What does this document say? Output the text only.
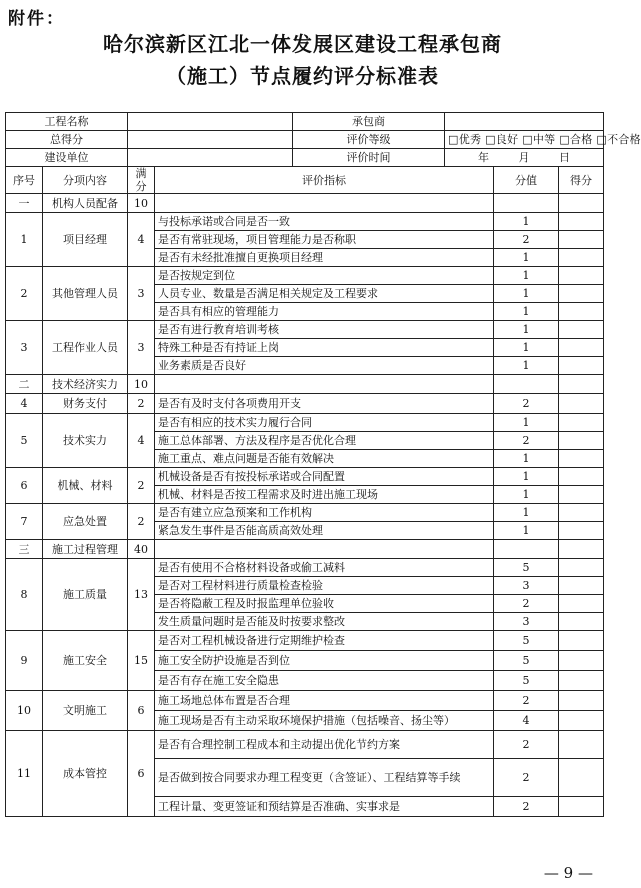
附件：
哈尔滨新区江北一体发展区建设工程承包商
（施工）节点履约评分标准表
工程名称				承包商			
总得分				评价等级	□优秀 □良好 □中等 □合格 □不合格		
建设单位				评价时间	年 月 日		
序号	分项内容	满分	评价指标			分值	得分
一	机构人员配备	10					
1	项目经理	4	与投标承诺或合同是否一致			1	
			是否有常驻现场，项目管理能力是否称职			2	
			是否有未经批准擅自更换项目经理			1	
2	其他管理人员	3	是否按规定到位			1	
			人员专业、数量是否满足相关规定及工程要求			1	
			是否具有相应的管理能力			1	
3	工程作业人员	3	是否有进行教育培训考核			1	
			特殊工种是否有持证上岗			1	
			业务素质是否良好			1	
二	技术经济实力	10					
4	财务支付	2	是否有及时支付各项费用开支			2	
5	技术实力	4	是否有相应的技术实力履行合同			1	
			施工总体部署、方法及程序是否优化合理			2	
			施工重点、难点问题是否能有效解决			1	
6	机械、材料	2	机械设备是否有按投标承诺或合同配置			1	
			机械、材料是否按工程需求及时进出施工现场			1	
7	应急处置	2	是否有建立应急预案和工作机构			1	
			紧急发生事件是否能高质高效处理			1	
三	施工过程管理	40					
8	施工质量	13	是否有使用不合格材料设备或偷工减料			5	
			是否对工程材料进行质量检查检验			3	
			是否将隐蔽工程及时报监理单位验收			2	
			发生质量问题时是否能及时按要求整改			3	
9	施工安全	15	是否对工程机械设备进行定期维护检查			5	
			施工安全防护设施是否到位			5	
			是否有存在施工安全隐患			5	
10	文明施工	6	施工场地总体布置是否合理			2	
			施工现场是否有主动采取环境保护措施（包括噪音、扬尘等）			4	
11	成本管控	6	是否有合理控制工程成本和主动提出优化节约方案			2	
			是否做到按合同要求办理工程变更（含签证）、工程结算等手续			2	
			工程计量、变更签证和预结算是否准确、实事求是			2	
— 9 —
